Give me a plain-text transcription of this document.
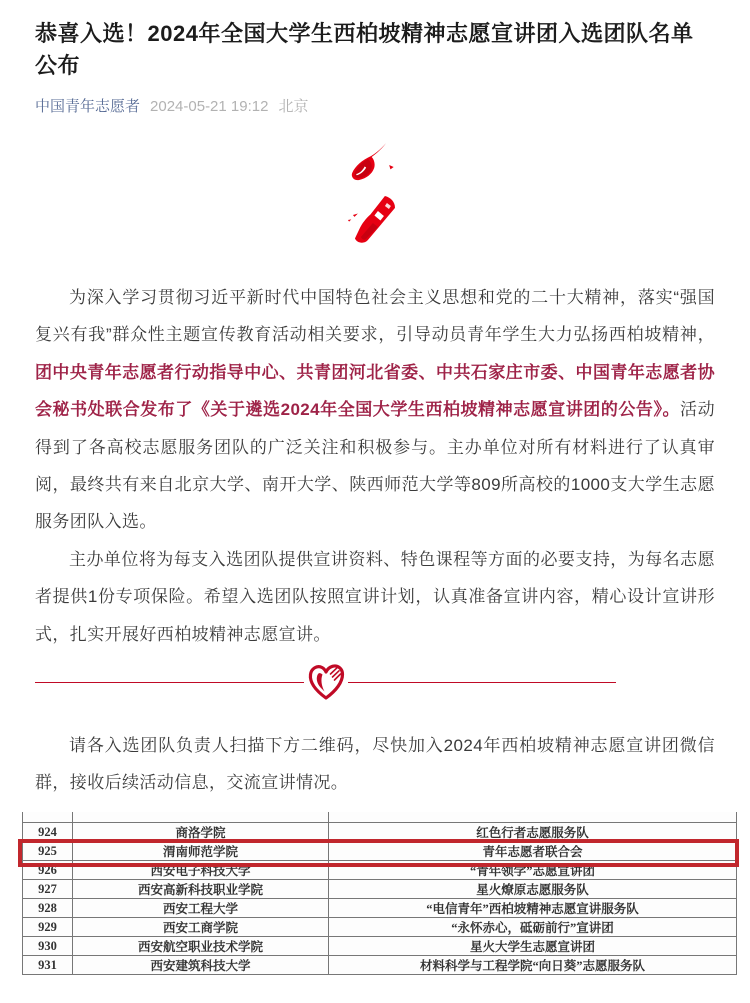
恭喜入选！2024年全国大学生西柏坡精神志愿宣讲团入选团队名单公布
中国青年志愿者 2024-05-21 19:12 北京

为深入学习贯彻习近平新时代中国特色社会主义思想和党的二十大精神，落实“强国复兴有我”群众性主题宣传教育活动相关要求，引导动员青年学生大力弘扬西柏坡精神，团中央青年志愿者行动指导中心、共青团河北省委、中共石家庄市委、中国青年志愿者协会秘书处联合发布了《关于遴选2024年全国大学生西柏坡精神志愿宣讲团的公告》。活动得到了各高校志愿服务团队的广泛关注和积极参与。主办单位对所有材料进行了认真审阅，最终共有来自北京大学、南开大学、陕西师范大学等809所高校的1000支大学生志愿服务团队入选。

主办单位将为每支入选团队提供宣讲资料、特色课程等方面的必要支持，为每名志愿者提供1份专项保险。希望入选团队按照宣讲计划，认真准备宣讲内容，精心设计宣讲形式，扎实开展好西柏坡精神志愿宣讲。

请各入选团队负责人扫描下方二维码，尽快加入2024年西柏坡精神志愿宣讲团微信群，接收后续活动信息，交流宣讲情况。

924	商洛学院	红色行者志愿服务队
925	渭南师范学院	青年志愿者联合会
926	西安电子科技大学	“青年领学”志愿宣讲团
927	西安高新科技职业学院	星火燎原志愿服务队
928	西安工程大学	“电信青年”西柏坡精神志愿宣讲服务队
929	西安工商学院	“永怀赤心，砥砺前行”宣讲团
930	西安航空职业技术学院	星火大学生志愿宣讲团
931	西安建筑科技大学	材料科学与工程学院“向日葵”志愿服务队
